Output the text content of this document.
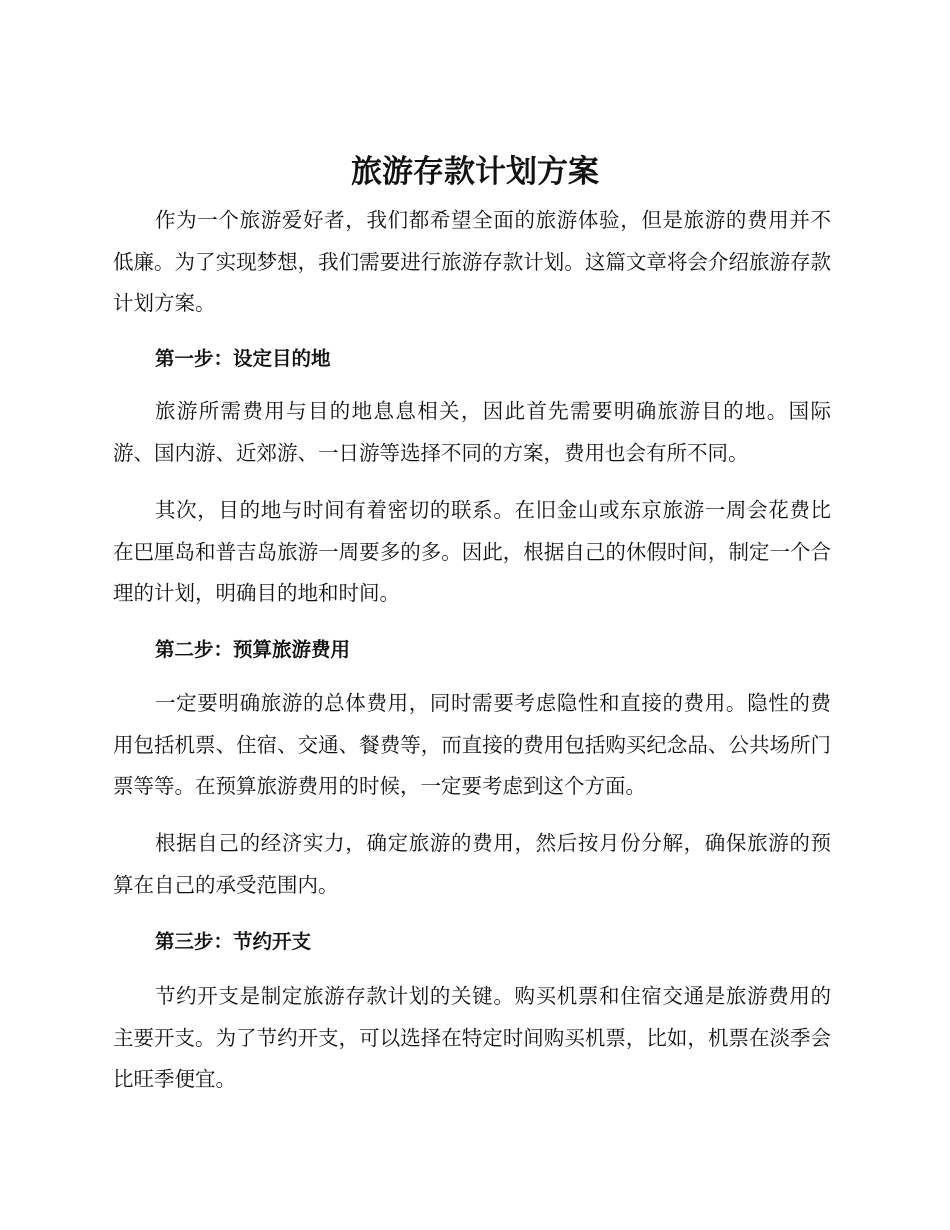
旅游存款计划方案

作为一个旅游爱好者，我们都希望全面的旅游体验，但是旅游的费用并不低廉。为了实现梦想，我们需要进行旅游存款计划。这篇文章将会介绍旅游存款计划方案。

第一步：设定目的地

旅游所需费用与目的地息息相关，因此首先需要明确旅游目的地。国际游、国内游、近郊游、一日游等选择不同的方案，费用也会有所不同。

其次，目的地与时间有着密切的联系。在旧金山或东京旅游一周会花费比在巴厘岛和普吉岛旅游一周要多的多。因此，根据自己的休假时间，制定一个合理的计划，明确目的地和时间。

第二步：预算旅游费用

一定要明确旅游的总体费用，同时需要考虑隐性和直接的费用。隐性的费用包括机票、住宿、交通、餐费等，而直接的费用包括购买纪念品、公共场所门票等等。在预算旅游费用的时候，一定要考虑到这个方面。

根据自己的经济实力，确定旅游的费用，然后按月份分解，确保旅游的预算在自己的承受范围内。

第三步：节约开支

节约开支是制定旅游存款计划的关键。购买机票和住宿交通是旅游费用的主要开支。为了节约开支，可以选择在特定时间购买机票，比如，机票在淡季会比旺季便宜。
